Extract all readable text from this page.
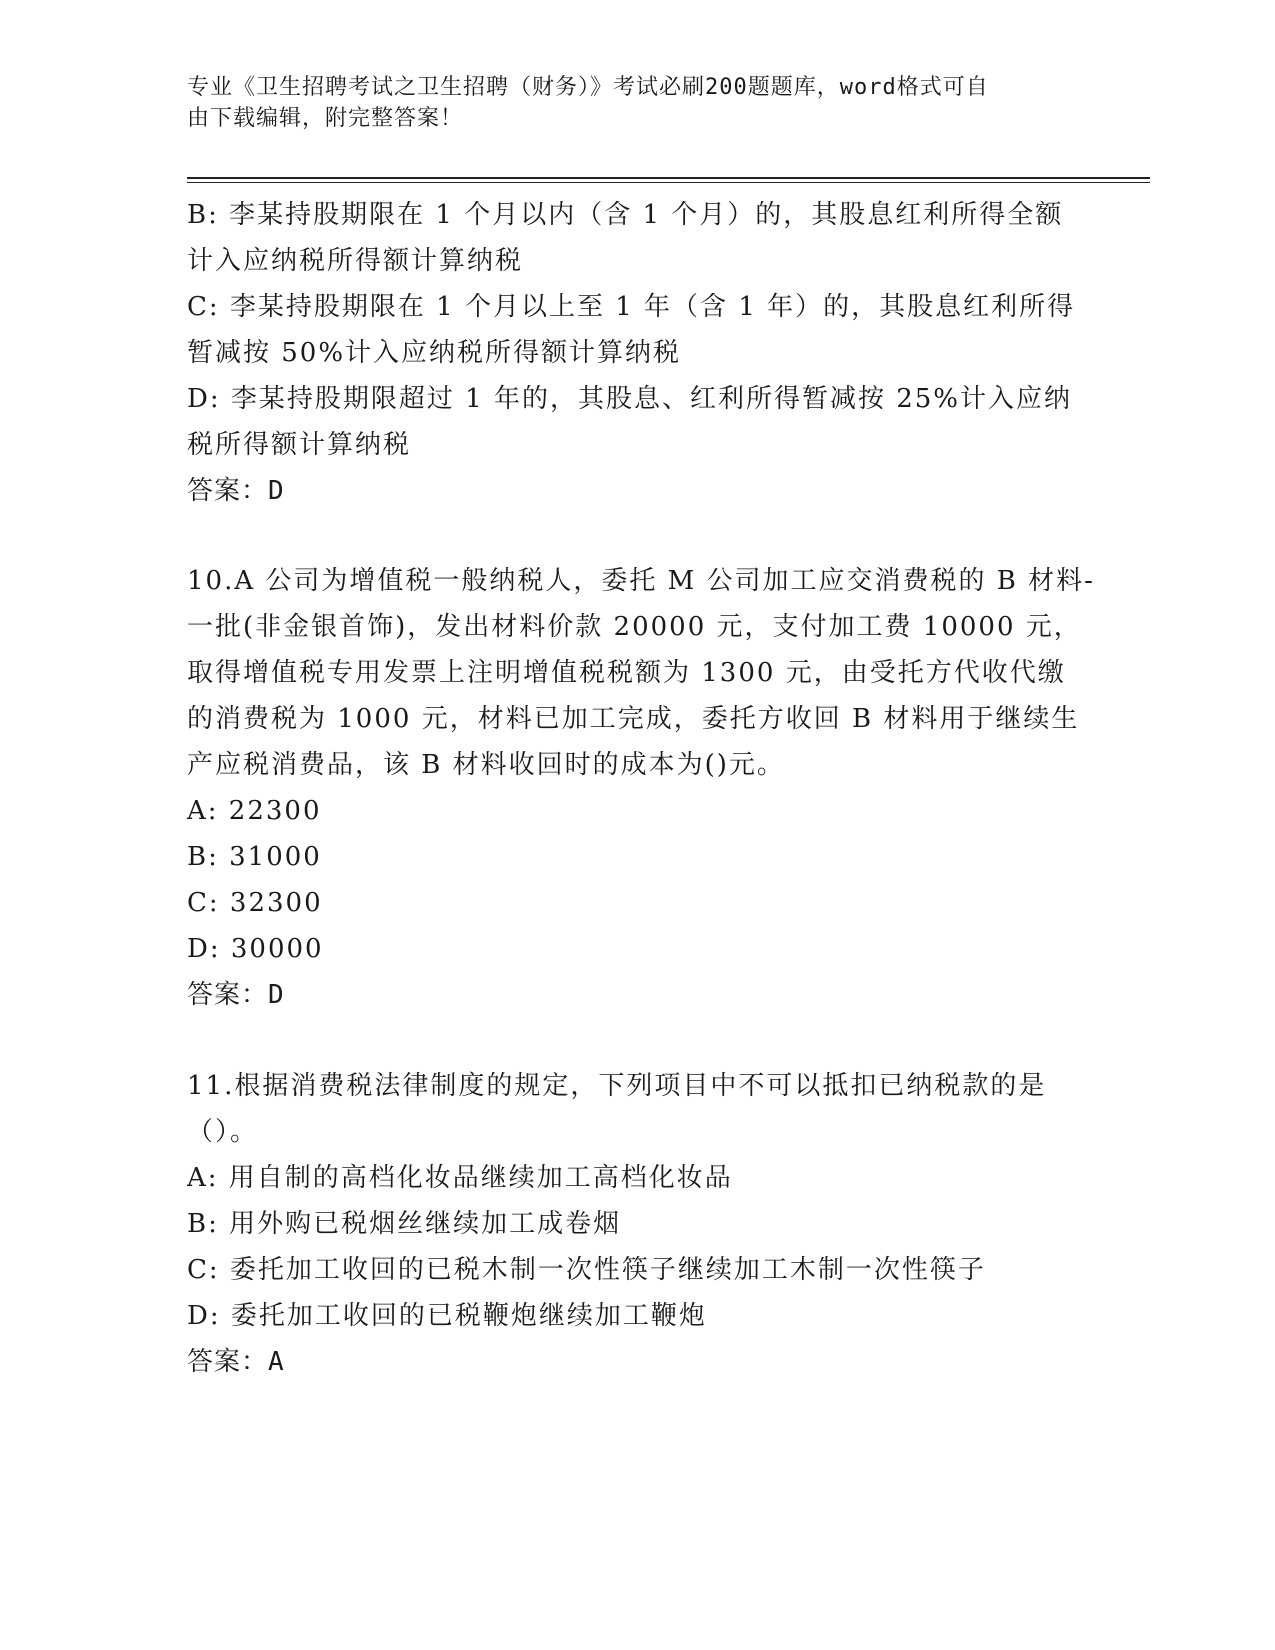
专业《卫生招聘考试之卫生招聘（财务）》考试必刷200题题库，word格式可自
由下载编辑，附完整答案！
B: 李某持股期限在 1 个月以内（含 1 个月）的，其股息红利所得全额
计入应纳税所得额计算纳税
C: 李某持股期限在 1 个月以上至 1 年（含 1 年）的，其股息红利所得
暂减按 50%计入应纳税所得额计算纳税
D: 李某持股期限超过 1 年的，其股息、红利所得暂减按 25%计入应纳
税所得额计算纳税
答案：D
10.A 公司为增值税一般纳税人，委托 M 公司加工应交消费税的 B 材料-
一批(非金银首饰)，发出材料价款 20000 元，支付加工费 10000 元，
取得增值税专用发票上注明增值税税额为 1300 元，由受托方代收代缴
的消费税为 1000 元，材料已加工完成，委托方收回 B 材料用于继续生
产应税消费品，该 B 材料收回时的成本为()元。
A: 22300
B: 31000
C: 32300
D: 30000
答案：D
11.根据消费税法律制度的规定，下列项目中不可以抵扣已纳税款的是
（）。
A: 用自制的高档化妆品继续加工高档化妆品
B: 用外购已税烟丝继续加工成卷烟
C: 委托加工收回的已税木制一次性筷子继续加工木制一次性筷子
D: 委托加工收回的已税鞭炮继续加工鞭炮
答案：A
